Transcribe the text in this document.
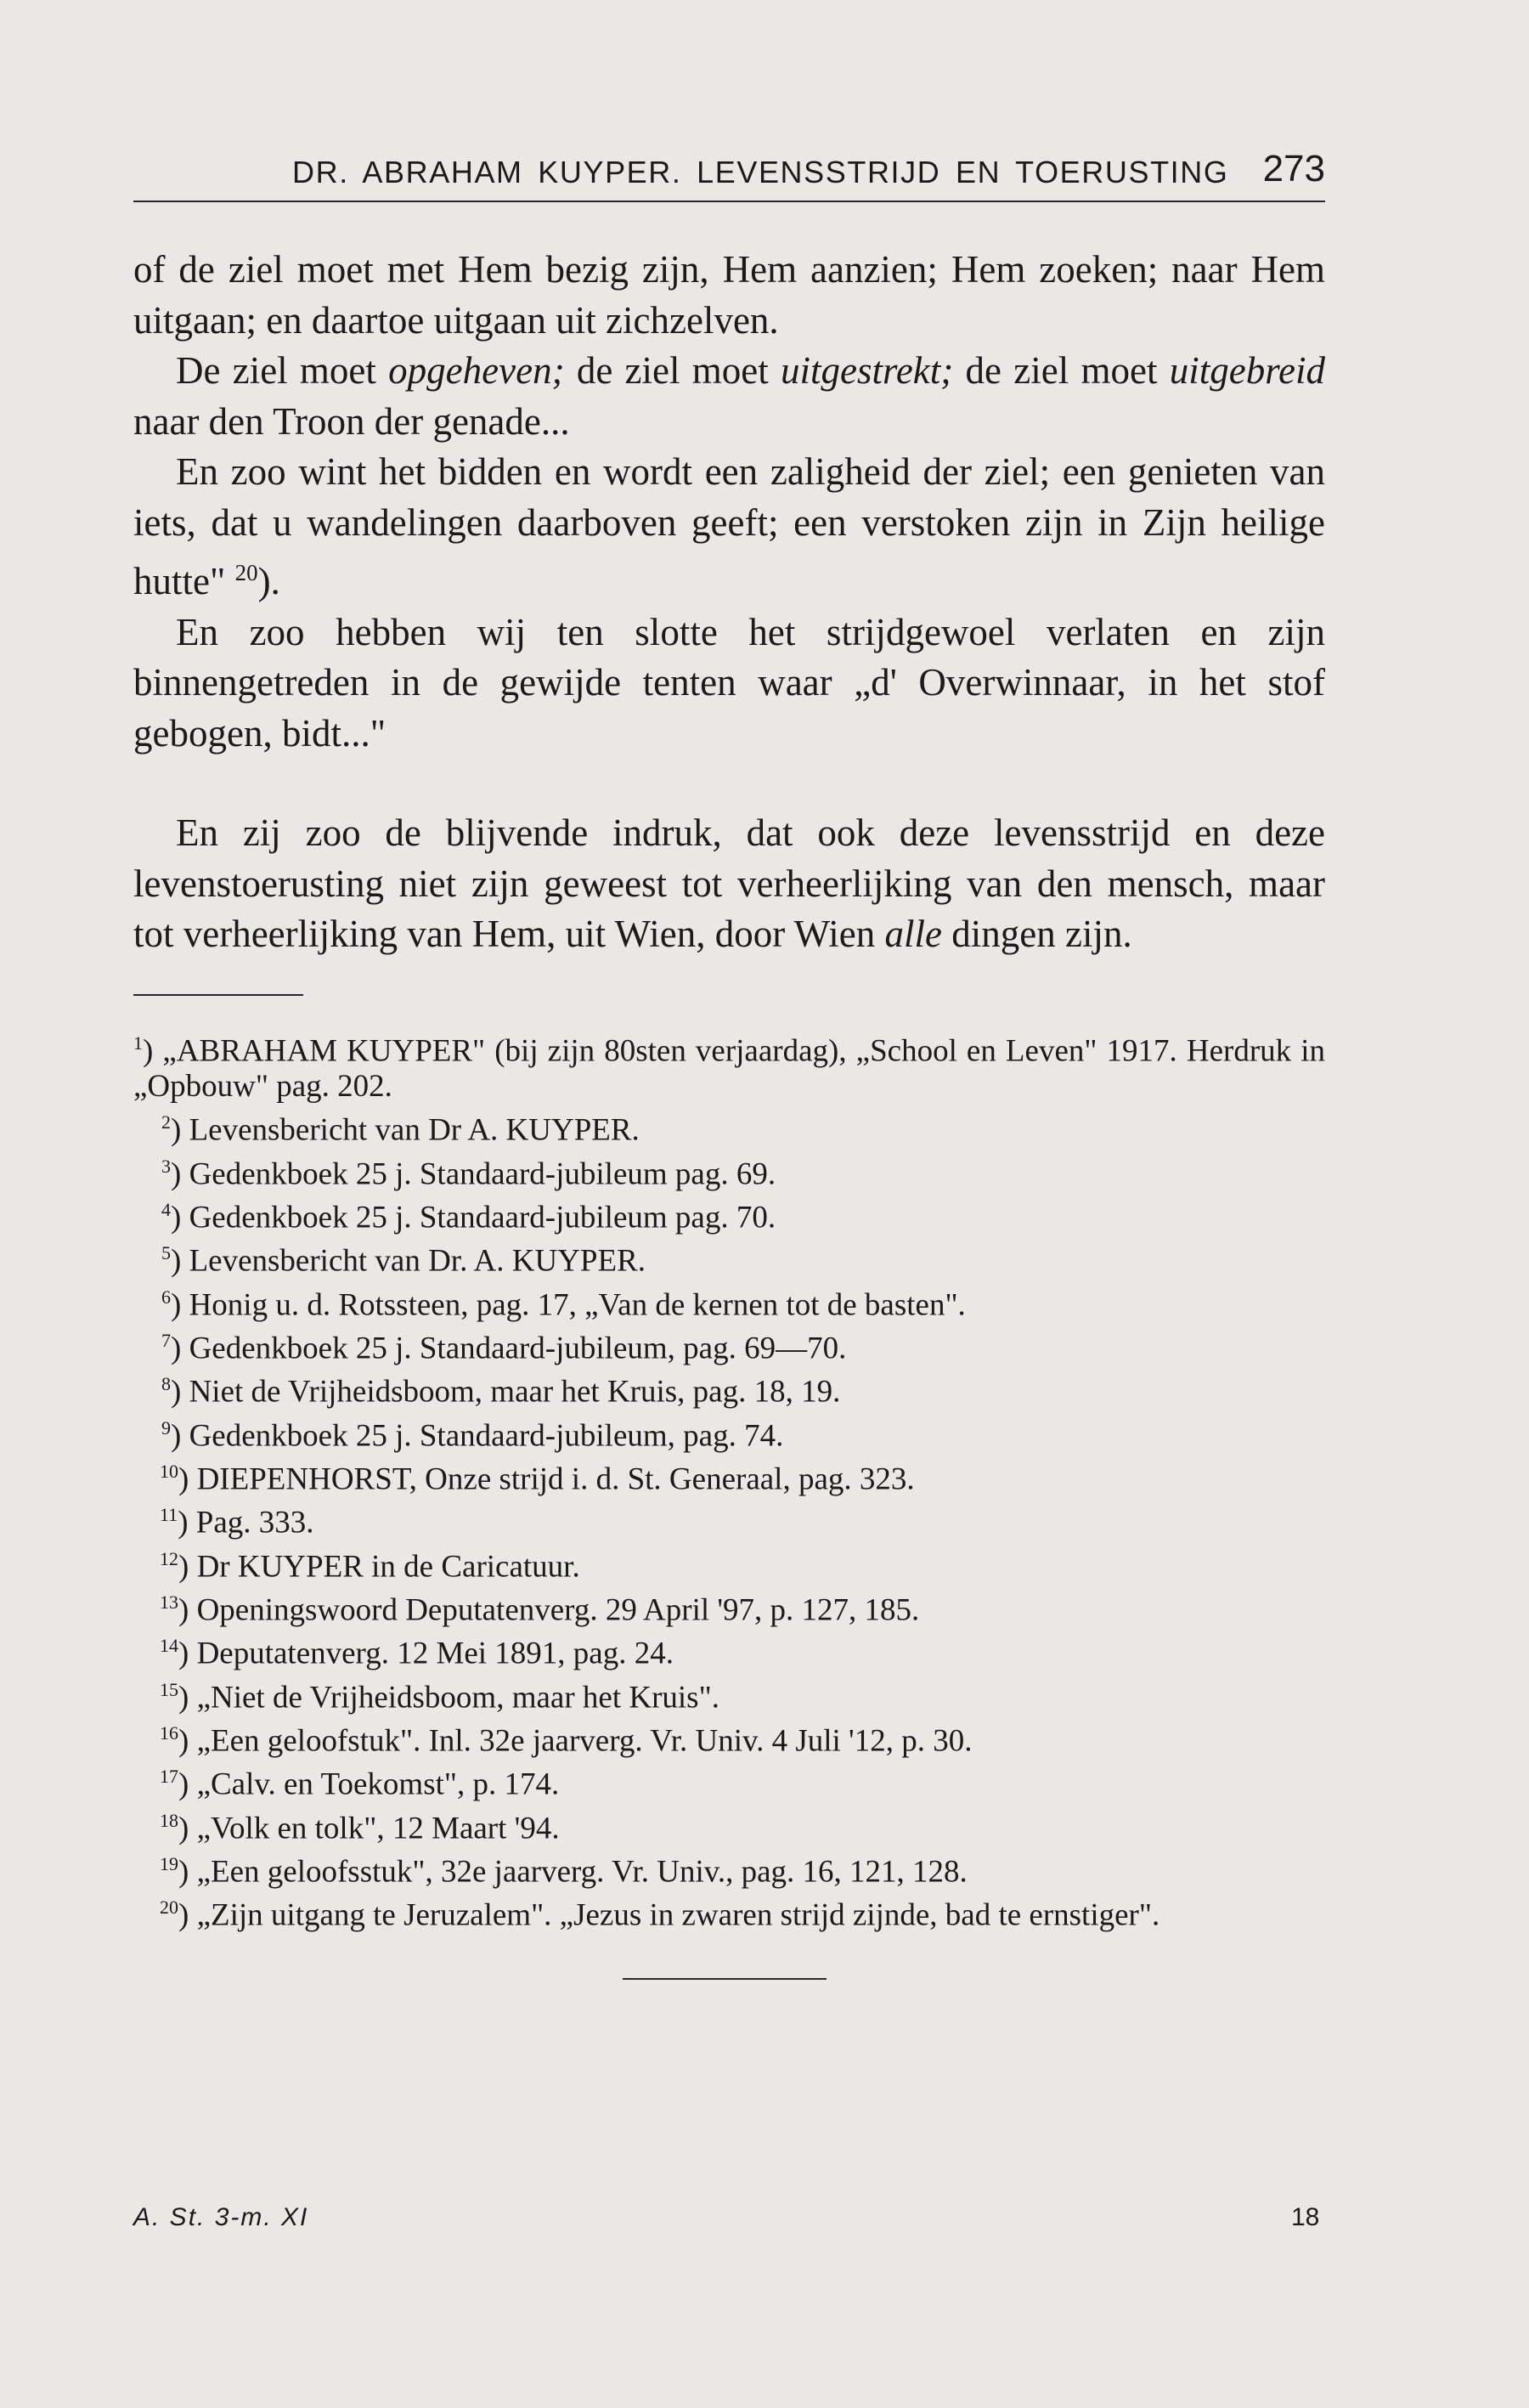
DR. ABRAHAM KUYPER. LEVENSSTRIJD EN TOERUSTING 273

of de ziel moet met Hem bezig zijn, Hem aanzien; Hem zoeken; naar Hem uitgaan; en daartoe uitgaan uit zichzelven.

De ziel moet opgeheven; de ziel moet uitgestrekt; de ziel moet uitgebreid naar den Troon der genade...

En zoo wint het bidden en wordt een zaligheid der ziel; een genieten van iets, dat u wandelingen daarboven geeft; een verstoken zijn in Zijn heilige hutte" $^{20}$).

En zoo hebben wij ten slotte het strijdgewoel verlaten en zijn binnengetreden in de gewijde tenten waar „d' Overwinnaar, in het stof gebogen, bidt..."

En zij zoo de blijvende indruk, dat ook deze levensstrijd en deze levenstoerusting niet zijn geweest tot verheerlijking van den mensch, maar tot verheerlijking van Hem, uit Wien, door Wien alle dingen zijn.

$^1$) „ABRAHAM KUYPER" (bij zijn 80sten verjaardag), „School en Leven" 1917. Herdruk in „Opbouw" pag. 202.

$^2$) Levensbericht van Dr A. KUYPER.

$^3$) Gedenkboek 25 j. Standaard-jubileum pag. 69.

$^4$) Gedenkboek 25 j. Standaard-jubileum pag. 70.

$^5$) Levensbericht van Dr. A. KUYPER.

$^6$) Honig u. d. Rotssteen, pag. 17, „Van de kernen tot de basten".

$^7$) Gedenkboek 25 j. Standaard-jubileum, pag. 69—70.

$^8$) Niet de Vrijheidsboom, maar het Kruis, pag. 18, 19.

$^9$) Gedenkboek 25 j. Standaard-jubileum, pag. 74.

$^{10}$) DIEPENHORST, Onze strijd i. d. St. Generaal, pag. 323.

$^{11}$) Pag. 333.

$^{12}$) Dr KUYPER in de Caricatuur.

$^{13}$) Openingswoord Deputatenverg. 29 April '97, p. 127, 185.

$^{14}$) Deputatenverg. 12 Mei 1891, pag. 24.

$^{15}$) „Niet de Vrijheidsboom, maar het Kruis".

$^{16}$) „Een geloofstuk". Inl. 32e jaarverg. Vr. Univ. 4 Juli '12, p. 30.

$^{17}$) „Calv. en Toekomst", p. 174.

$^{18}$) „Volk en tolk", 12 Maart '94.

$^{19}$) „Een geloofsstuk", 32e jaarverg. Vr. Univ., pag. 16, 121, 128.

$^{20}$) „Zijn uitgang te Jeruzalem". „Jezus in zwaren strijd zijnde, bad te ernstiger".

A. St. 3-m. XI	18
